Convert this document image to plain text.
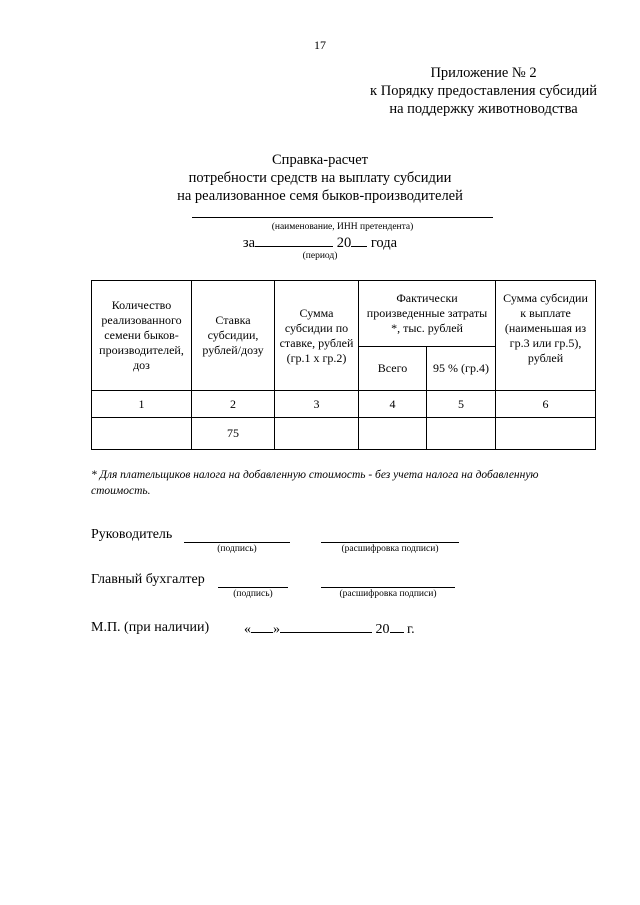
17
Приложение № 2
к Порядку предоставления субсидий
на поддержку животноводства
Справка-расчет
потребности средств на выплату субсидии
на реализованное семя быков-производителей
(наименование, ИНН претендента)
за	20 года
(период)
Количество реализованного семени быков-производителей, доз	Ставка субсидии, рублей/дозу	Сумма субсидии по ставке, рублей (гр.1 х гр.2)	Фактически произведенные затраты *, тыс. рублей		Сумма субсидии к выплате (наименьшая из гр.3 или гр.5), рублей
			Всего	95 % (гр.4)	
1	2	3	4	5	6
	75				
* Для плательщиков налога на добавленную стоимость - без учета налога на добавленную стоимость.
Руководитель
(подпись)	(расшифровка подписи)
Главный бухгалтер
(подпись)	(расшифровка подписи)
М.П. (при наличии) « »	20 г.
